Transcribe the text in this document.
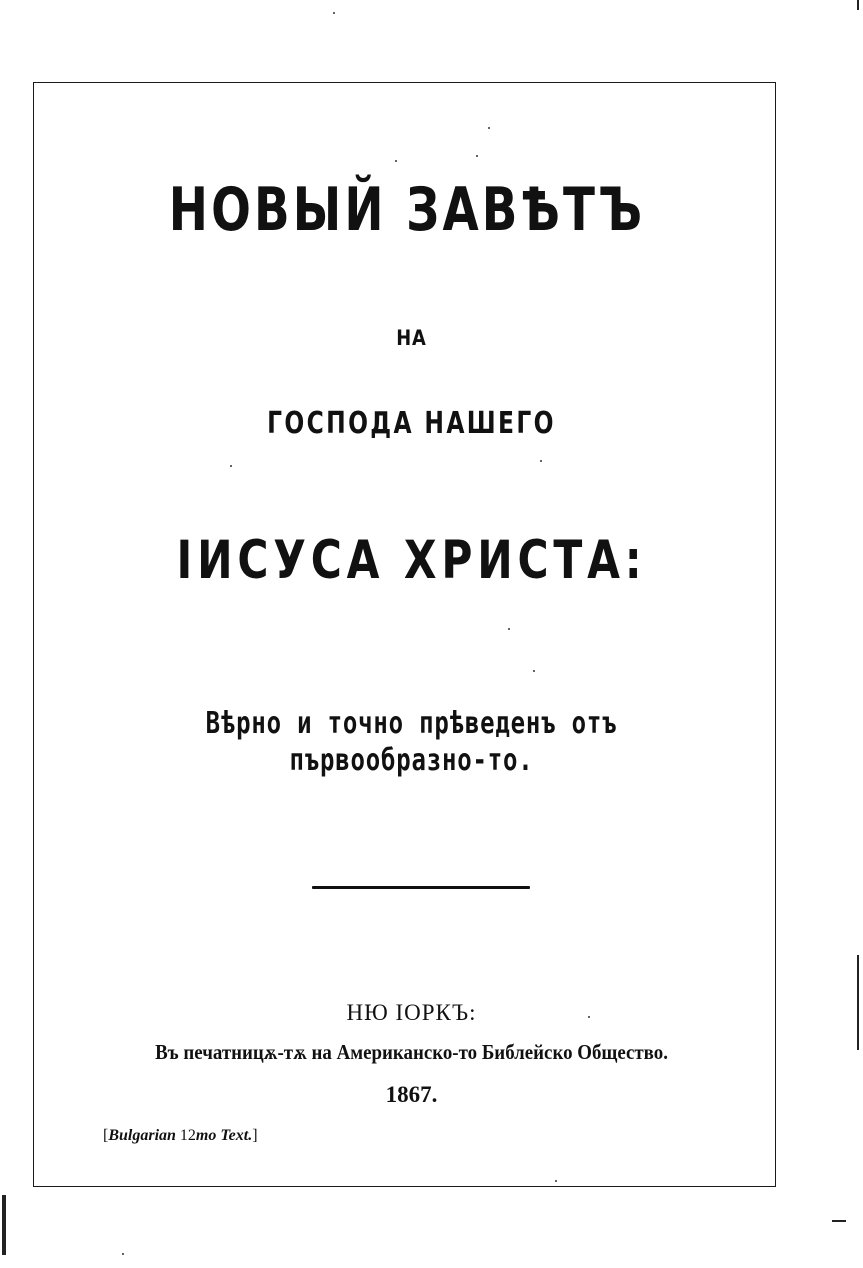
НОВЫЙ ЗАВѢТЪ
НА
ГОСПОДА НАШЕГО
ІИСУСА ХРИСТА:
Вѣрно и точно прѣведенъ отъ
първообразно-то.
НЮ ІОРКЪ:
Въ печатницѫ-тѫ на Американско-то Библейско Общество.
1867.
[Bulgarian 12mo Text.]
